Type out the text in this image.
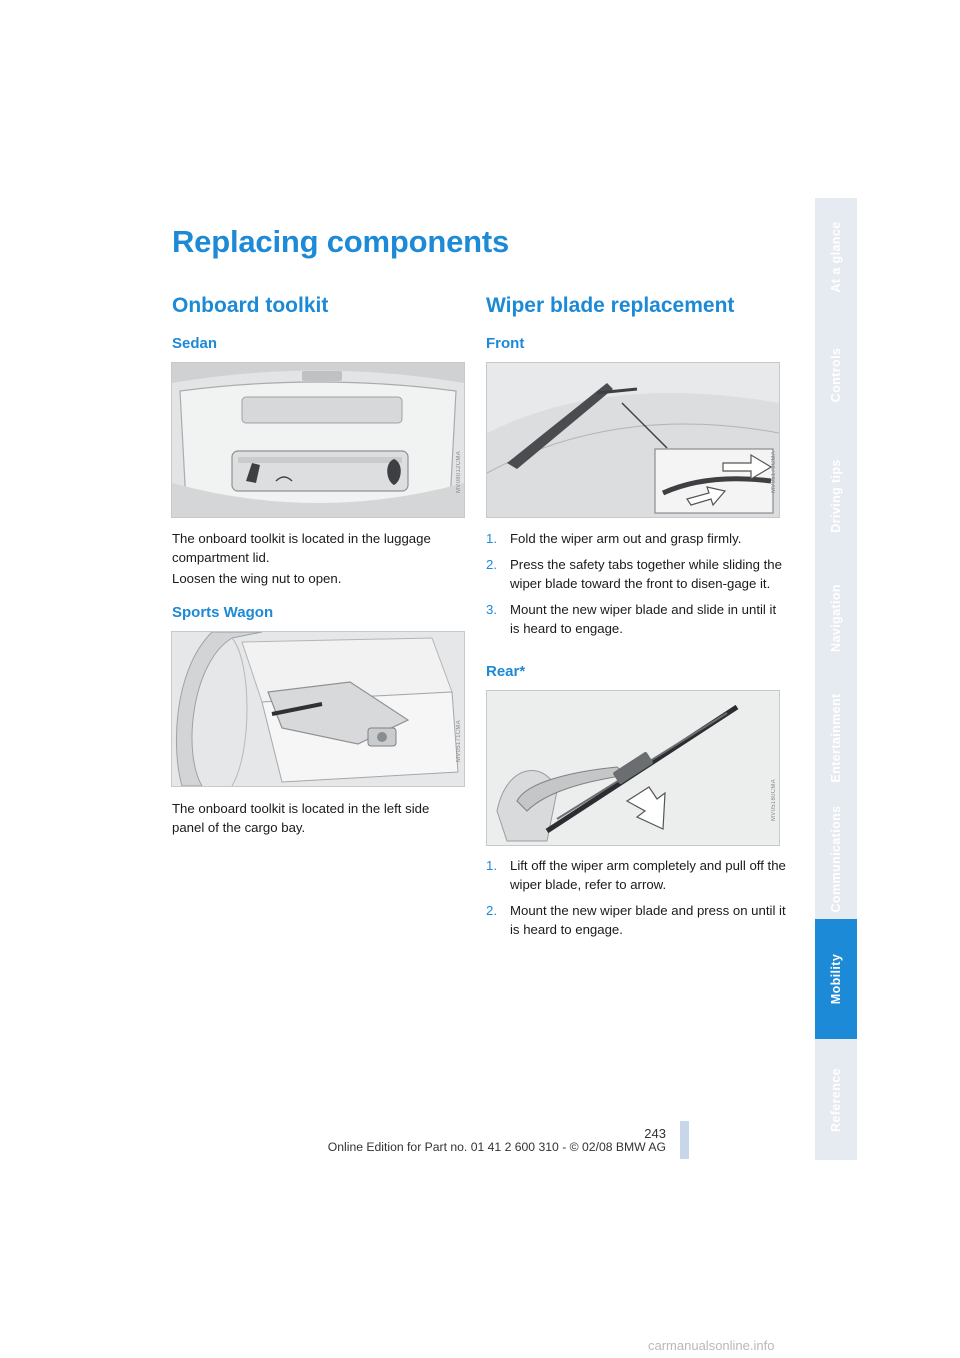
Replacing components
Onboard toolkit
Sedan
MV08012CMA

The onboard toolkit is located in the luggage compartment lid.

Loosen the wing nut to open.

Sports Wagon
MV05171CMA

The onboard toolkit is located in the left side panel of the cargo bay.

Wiper blade replacement
Front
MV05170CMA
1. Fold the wiper arm out and grasp firmly.
2. Press the safety tabs together while sliding the wiper blade toward the front to disen-gage it.
3. Mount the new wiper blade and slide in until it is heard to engage.
Rear*
MV05180CMA
1. Lift off the wiper arm completely and pull off the wiper blade, refer to arrow.
2. Mount the new wiper blade and press on until it is heard to engage.
At a glance
Controls
Driving tips
Navigation
Entertainment
Communications
Mobility
Reference
243
Online Edition for Part no. 01 41 2 600 310 - © 02/08 BMW AG
carmanualsonline.info
